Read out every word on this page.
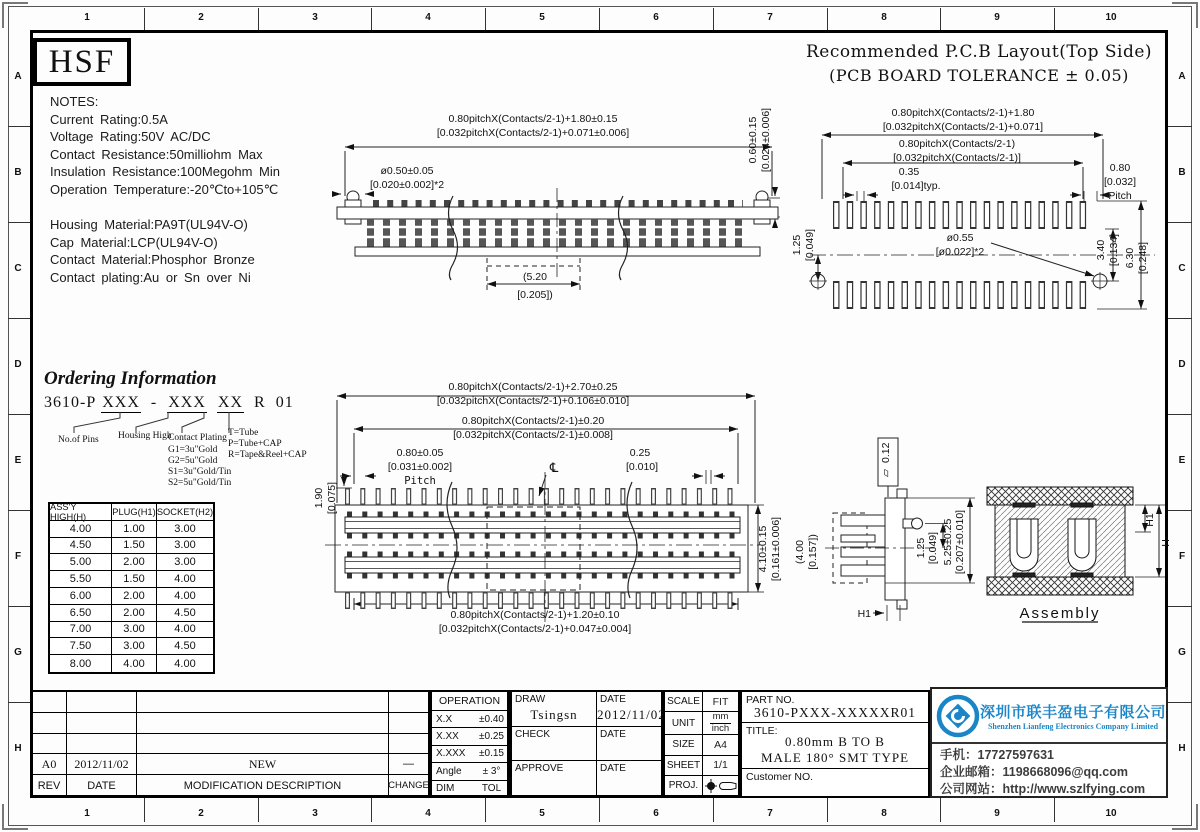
1	2	3	4	5	6	7	8	9	10
1	2	3	4	5	6	7	8	9	10
A
B
C
D
E
F
G
H
A
B
C
D
E
F
G
H
HSF
NOTES:
Current Rating:0.5A
Voltage Rating:50V AC/DC
Contact Resistance:50milliohm Max
Insulation Resistance:100Megohm Min
Operation Temperature:-20℃to+105℃
Housing Material:PA9T(UL94V-O)
Cap Material:LCP(UL94V-O)
Contact Material:Phosphor Bronze
Contact plating:Au or Sn over Ni
Recommended P.C.B Layout(Top Side)
(PCB BOARD TOLERANCE ± 0.05)
0.80pitchX(Contacts/2-1)+1.80±0.15
[0.032pitchX(Contacts/2-1)+0.071±0.006]
ø0.50±0.05
[0.020±0.002]*2
0.60±0.15 [0.024±0.006]
(5.20
[0.205])
0.80pitchX(Contacts/2-1)+1.80
[0.032pitchX(Contacts/2-1)+0.071]
0.80pitchX(Contacts/2-1)
[0.032pitchX(Contacts/2-1)]
0.35
[0.014]typ.
0.80
[0.032]
Pitch
ø0.55
[ø0.022]*2
1.25 [0.049]	3.40 [0.134] 6.30 [0.248]
0.80pitchX(Contacts/2-1)+2.70±0.25
[0.032pitchX(Contacts/2-1)+0.106±0.010]
0.80pitchX(Contacts/2-1)±0.20
[0.032pitchX(Contacts/2-1)±0.008]
0.80±0.05
[0.031±0.002]
Pitch
0.25
[0.010]
℄
1.90 [0.075]
4.10±0.15 [0.161±0.006]
0.80pitchX(Contacts/2-1)+1.20±0.10
[0.032pitchX(Contacts/2-1)+0.047±0.004]
▱
0.12
(4.00 [0.157])	1.25 [0.049] 5.25±0.25 [0.207±0.010]
H1
H1
H
Assembly
Ordering Information
3610-P XXX - XXX XX R 01
No.of Pins Housing High
Contact Plating
G1=3u"Gold
G2=5u"Gold
S1=3u"Gold/Tin
S2=5u"Gold/Tin
T=Tube
P=Tube+CAP
R=Tape&Reel+CAP
ASS'Y HIGH(H)
PLUG(H1) SOCKET(H2)
4.00	1.00	3.00
4.50	1.50	3.00
5.00	2.00	3.00
5.50	1.50	4.00
6.00	2.00	4.00
6.50	2.00	4.50
7.00	3.00	4.00
7.50	3.00	4.50
8.00	4.00	4.00
A0	2012/11/02	NEW	—
REV	DATE	MODIFICATION DESCRIPTION	CHANGE
OPERATION
X.X	±0.40
X.XX	±0.25
X.XXX	±0.15
Angle	± 3°
DIM	TOL
DRAW
Tsingsn
DATE
2012/11/02
CHECK	DATE
APPROVE	DATE
SCALE	FIT
UNIT
mm
inch
SIZE	A4
SHEET	1/1
PROJ.
PART NO.
3610-PXXX-XXXXXR01
TITLE:
0.80mm B TO B
MALE 180° SMT TYPE
Customer NO.
深圳市联丰盈电子有限公司
Shenzhen Lianfeng Electronics Company Limited
手机：17727597631
企业邮箱：1198668096@qq.com
公司网站：http://www.szlfying.com
